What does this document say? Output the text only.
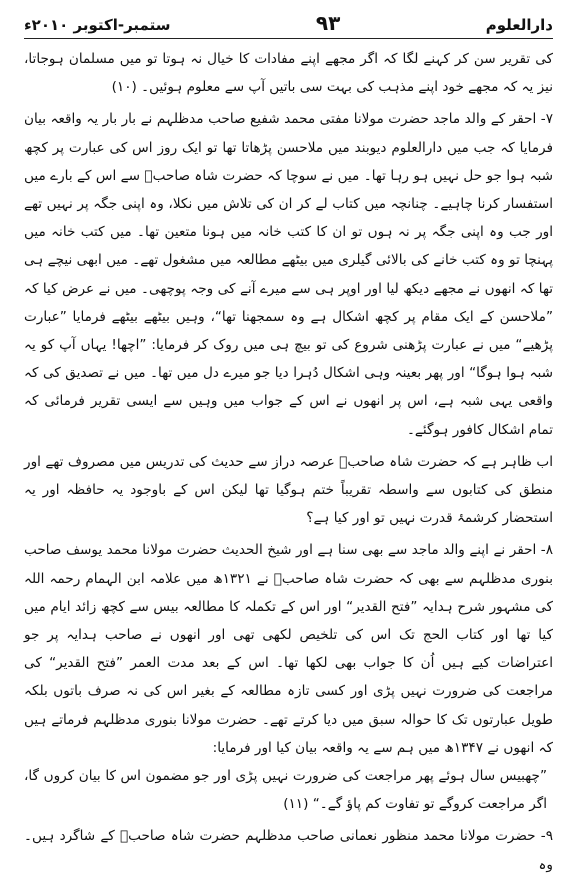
دارالعلوم
۹۳
ستمبر-اکتوبر ۲۰۱۰ء

کی تقریر سن کر کہنے لگا کہ اگر مجھے اپنے مفادات کا خیال نہ ہوتا تو میں مسلمان ہوجاتا، نیز یہ کہ مجھے خود اپنے مذہب کی بہت سی باتیں آپ سے معلوم ہوئیں۔ (۱۰)

۷- احقر کے والد ماجد حضرت مولانا مفتی محمد شفیع صاحب مدظلہم نے بار بار یہ واقعہ بیان فرمایا کہ جب میں دارالعلوم دیوبند میں ملاحسن پڑھاتا تھا تو ایک روز اس کی عبارت پر کچھ شبہ ہوا جو حل نہیں ہو رہا تھا۔ میں نے سوچا کہ حضرت شاہ صاحبؒ سے اس کے بارے میں استفسار کرنا چاہیے۔ چنانچہ میں کتاب لے کر ان کی تلاش میں نکلا، وہ اپنی جگہ پر نہیں تھے اور جب وہ اپنی جگہ پر نہ ہوں تو ان کا کتب خانہ میں ہونا متعین تھا۔ میں کتب خانہ میں پہنچا تو وہ کتب خانے کی بالائی گیلری میں بیٹھے مطالعہ میں مشغول تھے۔ میں ابھی نیچے ہی تھا کہ انھوں نے مجھے دیکھ لیا اور اوپر ہی سے میرے آنے کی وجہ پوچھی۔ میں نے عرض کیا کہ ”ملاحسن کے ایک مقام پر کچھ اشکال ہے وہ سمجھنا تھا“، وہیں بیٹھے بیٹھے فرمایا ”عبارت پڑھیے“ میں نے عبارت پڑھنی شروع کی تو بیچ ہی میں روک کر فرمایا: ”اچھا! یہاں آپ کو یہ شبہ ہوا ہوگا“ اور پھر بعینہ وہی اشکال دُہرا دیا جو میرے دل میں تھا۔ میں نے تصدیق کی کہ واقعی یہی شبہ ہے، اس پر انھوں نے اس کے جواب میں وہیں سے ایسی تقریر فرمائی کہ تمام اشکال کافور ہوگئے۔

اب ظاہر ہے کہ حضرت شاہ صاحبؒ عرصہ دراز سے حدیث کی تدریس میں مصروف تھے اور منطق کی کتابوں سے واسطہ تقریباً ختم ہوگیا تھا لیکن اس کے باوجود یہ حافظہ اور یہ استحضار کرشمۂ قدرت نہیں تو اور کیا ہے؟

۸- احقر نے اپنے والد ماجد سے بھی سنا ہے اور شیخ الحدیث حضرت مولانا محمد یوسف صاحب بنوری مدظلہم سے بھی کہ حضرت شاہ صاحبؒ نے ۱۳۲۱ھ میں علامہ ابن الہمام رحمہ اللہ کی مشہور شرح ہدایہ ”فتح القدیر“ اور اس کے تکملہ کا مطالعہ بیس سے کچھ زائد ایام میں کیا تھا اور کتاب الحج تک اس کی تلخیص لکھی تھی اور انھوں نے صاحب ہدایہ پر جو اعتراضات کیے ہیں اُن کا جواب بھی لکھا تھا۔ اس کے بعد مدت العمر ”فتح القدیر“ کی مراجعت کی ضرورت نہیں پڑی اور کسی تازہ مطالعہ کے بغیر اس کی نہ صرف باتوں بلکہ طویل عبارتوں تک کا حوالہ سبق میں دیا کرتے تھے۔ حضرت مولانا بنوری مدظلہم فرماتے ہیں کہ انھوں نے ۱۳۴۷ھ میں ہم سے یہ واقعہ بیان کیا اور فرمایا:

”چھبیس سال ہوئے پھر مراجعت کی ضرورت نہیں پڑی اور جو مضمون اس کا بیان کروں گا، اگر مراجعت کروگے تو تفاوت کم پاؤ گے۔“ (۱۱)

۹- حضرت مولانا محمد منظور نعمانی صاحب مدظلہم حضرت شاہ صاحبؒ کے شاگرد ہیں۔ وہ
